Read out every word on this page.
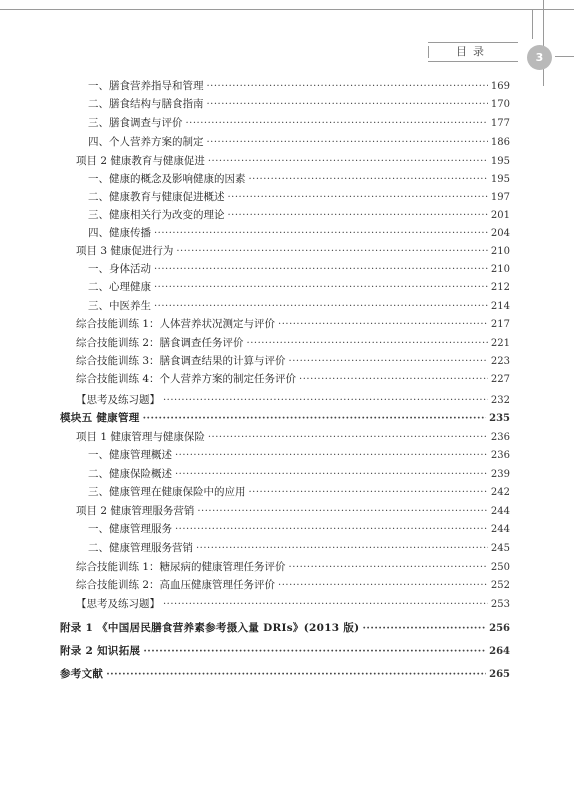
目录	3
一、膳食营养指导和管理 ·····	169
二、膳食结构与膳食指南 ·····	170
三、膳食调查与评价 ·····	177
四、个人营养方案的制定 ·····	186
项目 2 健康教育与健康促进 ·····	195
一、健康的概念及影响健康的因素 ·····	195
二、健康教育与健康促进概述 ·····	197
三、健康相关行为改变的理论 ·····	201
四、健康传播 ·····	204
项目 3 健康促进行为 ·····	210
一、身体活动 ·····	210
二、心理健康 ·····	212
三、中医养生 ·····	214
综合技能训练 1：人体营养状况测定与评价 ·····	217
综合技能训练 2：膳食调查任务评价 ·····	221
综合技能训练 3：膳食调查结果的计算与评价 ·····	223
综合技能训练 4：个人营养方案的制定任务评价 ·····	227
【思考及练习题】 ·····	232
模块五 健康管理 ·····	235
项目 1 健康管理与健康保险 ·····	236
一、健康管理概述 ·····	236
二、健康保险概述 ·····	239
三、健康管理在健康保险中的应用 ·····	242
项目 2 健康管理服务营销 ·····	244
一、健康管理服务 ·····	244
二、健康管理服务营销 ·····	245
综合技能训练 1：糖尿病的健康管理任务评价 ·····	250
综合技能训练 2：高血压健康管理任务评价 ·····	252
【思考及练习题】 ·····	253
附录 1 《中国居民膳食营养素参考摄入量 DRIs》(2013 版) ·····	256
附录 2 知识拓展 ·····	264
参考文献 ·····	265
